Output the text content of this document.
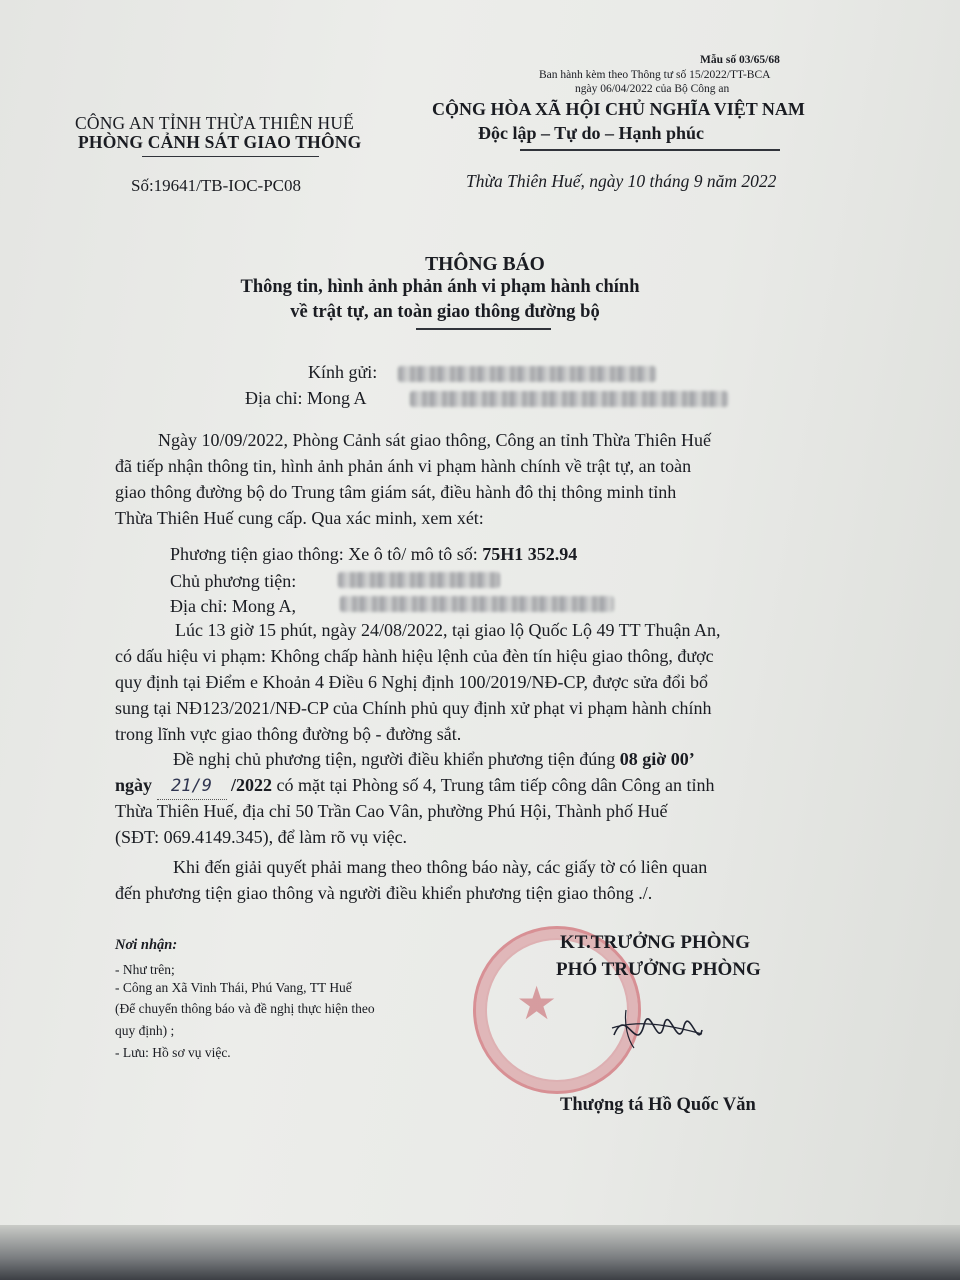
Mẫu số 03/65/68
Ban hành kèm theo Thông tư số 15/2022/TT-BCA
ngày 06/04/2022 của Bộ Công an
CÔNG AN TỈNH THỪA THIÊN HUẾ
PHÒNG CẢNH SÁT GIAO THÔNG
CỘNG HÒA XÃ HỘI CHỦ NGHĨA VIỆT NAM
Độc lập – Tự do – Hạnh phúc
Số:19641/TB-IOC-PC08	Thừa Thiên Huế, ngày 10 tháng 9 năm 2022
THÔNG BÁO
Thông tin, hình ảnh phản ánh vi phạm hành chính
về trật tự, an toàn giao thông đường bộ
Kính gửi:
Địa chỉ: Mong A
Ngày 10/09/2022, Phòng Cảnh sát giao thông, Công an tỉnh Thừa Thiên Huế
đã tiếp nhận thông tin, hình ảnh phản ánh vi phạm hành chính về trật tự, an toàn
giao thông đường bộ do Trung tâm giám sát, điều hành đô thị thông minh tỉnh
Thừa Thiên Huế cung cấp. Qua xác minh, xem xét:
Phương tiện giao thông: Xe ô tô/ mô tô số: 75H1 352.94
Chủ phương tiện:
Địa chỉ: Mong A,
Lúc 13 giờ 15 phút, ngày 24/08/2022, tại giao lộ Quốc Lộ 49 TT Thuận An,
có dấu hiệu vi phạm: Không chấp hành hiệu lệnh của đèn tín hiệu giao thông, được
quy định tại Điểm e Khoản 4 Điều 6 Nghị định 100/2019/NĐ-CP, được sửa đổi bổ
sung tại NĐ123/2021/NĐ-CP của Chính phủ quy định xử phạt vi phạm hành chính
trong lĩnh vực giao thông đường bộ - đường sắt.
Đề nghị chủ phương tiện, người điều khiển phương tiện đúng 08 giờ 00’
ngày 21/9 /2022 có mặt tại Phòng số 4, Trung tâm tiếp công dân Công an tỉnh
Thừa Thiên Huế, địa chỉ 50 Trần Cao Vân, phường Phú Hội, Thành phố Huế
(SĐT: 069.4149.345), để làm rõ vụ việc.
Khi đến giải quyết phải mang theo thông báo này, các giấy tờ có liên quan
đến phương tiện giao thông và người điều khiển phương tiện giao thông ./.
Nơi nhận:
- Như trên;
- Công an Xã Vinh Thái, Phú Vang, TT Huế
(Để chuyển thông báo và đề nghị thực hiện theo
quy định) ;
- Lưu: Hồ sơ vụ việc.
★
KT.TRƯỞNG PHÒNG
PHÓ TRƯỞNG PHÒNG
Thượng tá Hồ Quốc Văn
